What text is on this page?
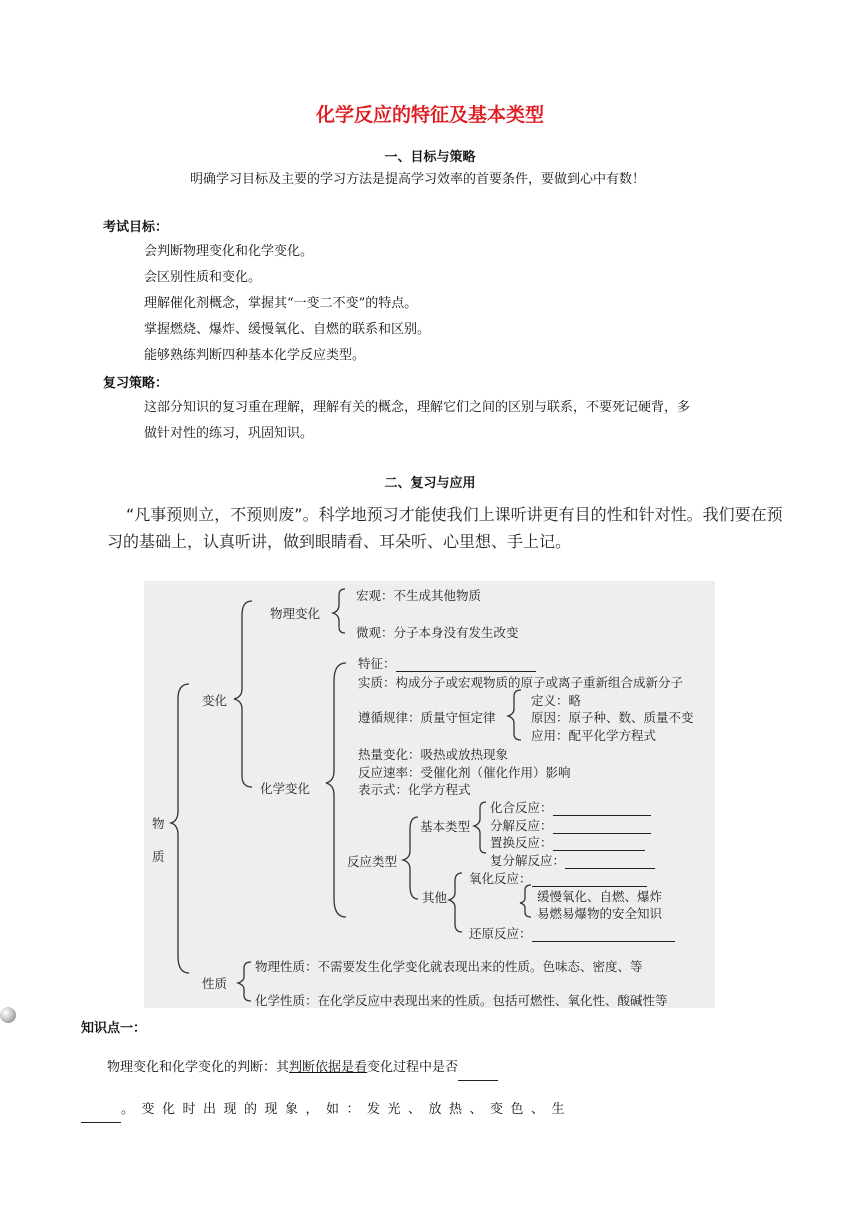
化学反应的特征及基本类型
一、目标与策略
明确学习目标及主要的学习方法是提高学习效率的首要条件，要做到心中有数！
考试目标：
会判断物理变化和化学变化。
会区别性质和变化。
理解催化剂概念，掌握其“一变二不变”的特点。
掌握燃烧、爆炸、缓慢氧化、自燃的联系和区别。
能够熟练判断四种基本化学反应类型。
复习策略：
这部分知识的复习重在理解，理解有关的概念，理解它们之间的区别与联系，不要死记硬背，多
做针对性的练习，巩固知识。
二、复习与应用
“凡事预则立，不预则废”。科学地预习才能使我们上课听讲更有目的性和针对性。我们要在预
习的基础上，认真听讲，做到眼睛看、耳朵听、心里想、手上记。
物
质
变化
物理变化
宏观：不生成其他物质
微观：分子本身没有发生改变
化学变化
特征：
实质：构成分子或宏观物质的原子或离子重新组合成新分子
遵循规律：质量守恒定律
定义：略
原因：原子种、数、质量不变
应用：配平化学方程式
热量变化：吸热或放热现象
反应速率：受催化剂（催化作用）影响
表示式：化学方程式
反应类型
基本类型
化合反应：
分解反应：
置换反应：
复分解反应：
其他
氧化反应：
缓慢氧化、自燃、爆炸
易燃易爆物的安全知识
还原反应：
性质
物理性质：不需要发生化学变化就表现出来的性质。色味态、密度、等
化学性质：在化学反应中表现出来的性质。包括可燃性、氧化性、酸碱性等
知识点一：
物理变化和化学变化的判断：其判断依据是看变化过程中是否
。变化时出现的现象，如：发光、放热、变色、生
